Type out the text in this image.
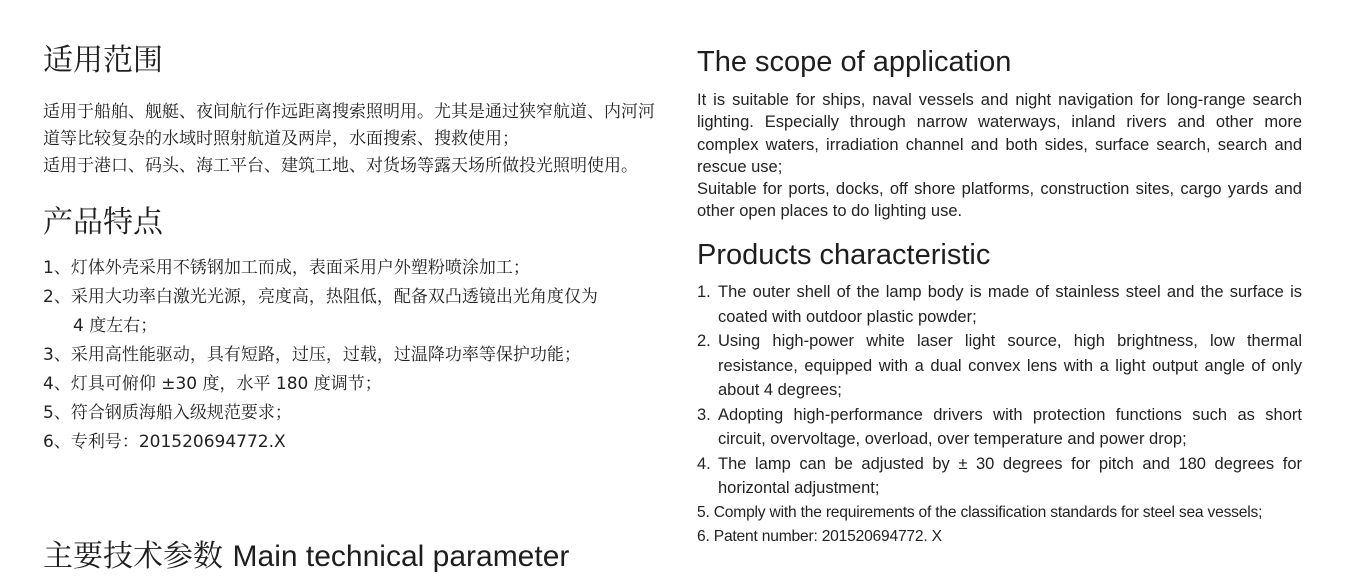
适用范围

适用于船舶、舰艇、夜间航行作远距离搜索照明用。尤其是通过狭窄航道、内河河道等比较复杂的水域时照射航道及两岸，水面搜索、搜救使用；
适用于港口、码头、海工平台、建筑工地、对货场等露天场所做投光照明使用。

产品特点
1、灯体外壳采用不锈钢加工而成，表面采用户外塑粉喷涂加工；
2、采用大功率白激光光源，亮度高，热阻低，配备双凸透镜出光角度仅为
4 度左右；
3、采用高性能驱动，具有短路，过压，过载，过温降功率等保护功能；
4、灯具可俯仰 ±30 度，水平 180 度调节；
5、符合钢质海船入级规范要求；
6、专利号：201520694772.X
The scope of application

It is suitable for ships, naval vessels and night navigation for long-range search lighting. Especially through narrow waterways, inland rivers and other more complex waters, irradiation channel and both sides, surface search, search and rescue use;
Suitable for ports, docks, off shore platforms, construction sites, cargo yards and other open places to do lighting use.

Products characteristic
1. The outer shell of the lamp body is made of stainless steel and the surface is coated with outdoor plastic powder;
2. Using high-power white laser light source, high brightness, low thermal resistance, equipped with a dual convex lens with a light output angle of only about 4 degrees;
3. Adopting high-performance drivers with protection functions such as short circuit, overvoltage, overload, over temperature and power drop;
4. The lamp can be adjusted by ± 30 degrees for pitch and 180 degrees for horizontal adjustment;
5. Comply with the requirements of the classification standards for steel sea vessels;
6. Patent number: 201520694772. X
主要技术参数 Main technical parameter
